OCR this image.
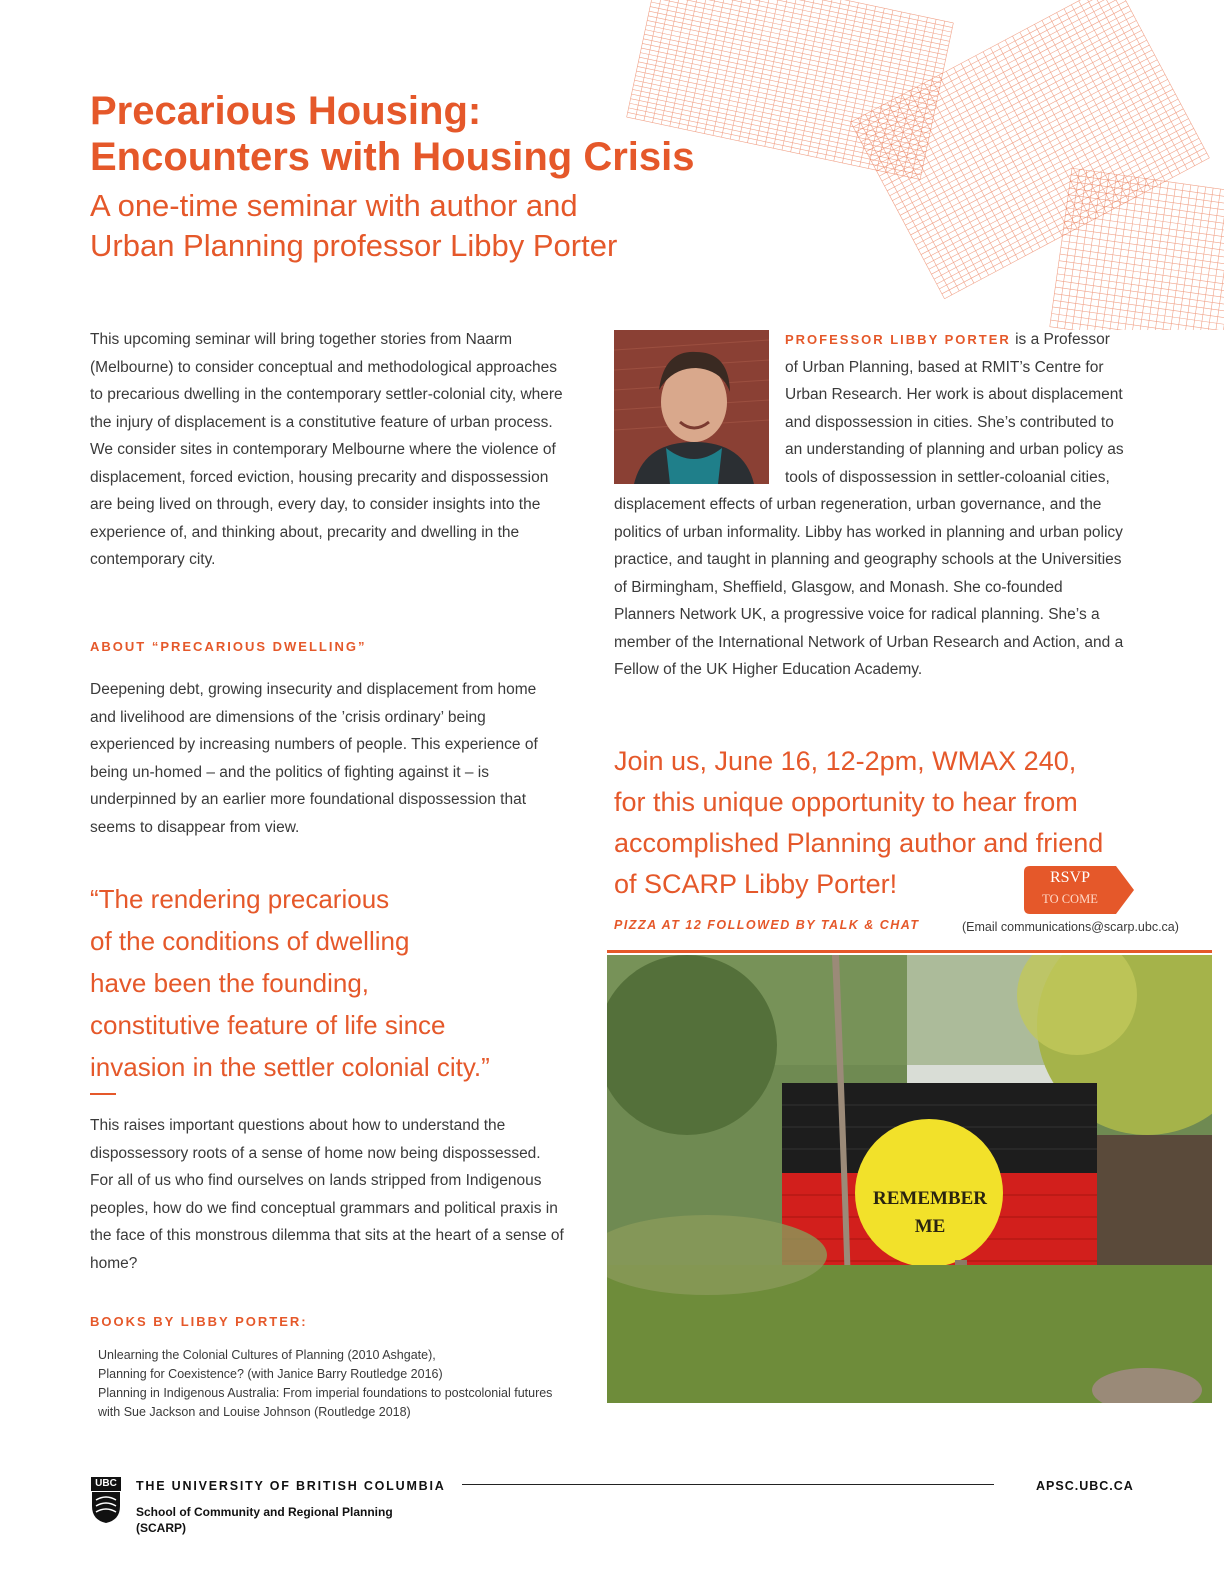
Precarious Housing:
Encounters with Housing Crisis
A one-time seminar with author and
Urban Planning professor Libby Porter
This upcoming seminar will bring together stories from Naarm (Melbourne) to consider conceptual and methodological approaches to precarious dwelling in the contemporary settler-colonial city, where the injury of displacement is a constitutive feature of urban process.
We consider sites in contemporary Melbourne where the violence of displacement, forced eviction, housing precarity and dispossession are being lived on through, every day, to consider insights into the experience of, and thinking about, precarity and dwelling in the contemporary city.
ABOUT “PRECARIOUS DWELLING”
Deepening debt, growing insecurity and displacement from home and livelihood are dimensions of the ’crisis ordinary’ being experienced by increasing numbers of people. This experience of being un-homed – and the politics of fighting against it – is underpinned by an earlier more foundational dispossession that seems to disappear from view.
“The rendering precarious
of the conditions of dwelling
have been the founding,
constitutive feature of life since
invasion in the settler colonial city.”
This raises important questions about how to understand the dispossessory roots of a sense of home now being dispossessed. For all of us who find ourselves on lands stripped from Indigenous peoples, how do we find conceptual grammars and political praxis in the face of this monstrous dilemma that sits at the heart of a sense of home?
BOOKS BY LIBBY PORTER:
Unlearning the Colonial Cultures of Planning (2010 Ashgate),
Planning for Coexistence? (with Janice Barry Routledge 2016)
Planning in Indigenous Australia: From imperial foundations to postcolonial futures with Sue Jackson and Louise Johnson (Routledge 2018)
PROFESSOR LIBBY PORTER
is a Professor of Urban Planning, based at RMIT’s Centre for Urban Research. Her work is about displacement and dispossession in cities. She’s contributed to an understanding of planning and urban policy as tools of dispossession in settler-coloanial cities, displacement effects of urban regeneration, urban governance, and the politics of urban informality. Libby has worked in planning and urban policy practice, and taught in planning and geography schools at the Universities of Birmingham, Sheffield, Glasgow, and Monash. She co-founded Planners Network UK, a progressive voice for radical planning. She’s a member of the International Network of Urban Research and Action, and a Fellow of the UK Higher Education Academy.
Join us, June 16, 12-2pm, WMAX 240,
for this unique opportunity to hear from
accomplished Planning author and friend
of SCARP Libby Porter!	RSVP
TO COME
PIZZA AT 12 FOLLOWED BY TALK & CHAT	(Email communications@scarp.ubc.ca)
REMEMBER
ME
UBC	THE UNIVERSITY OF BRITISH COLUMBIA
School of Community and Regional Planning
(SCARP)
APSC.UBC.CA
